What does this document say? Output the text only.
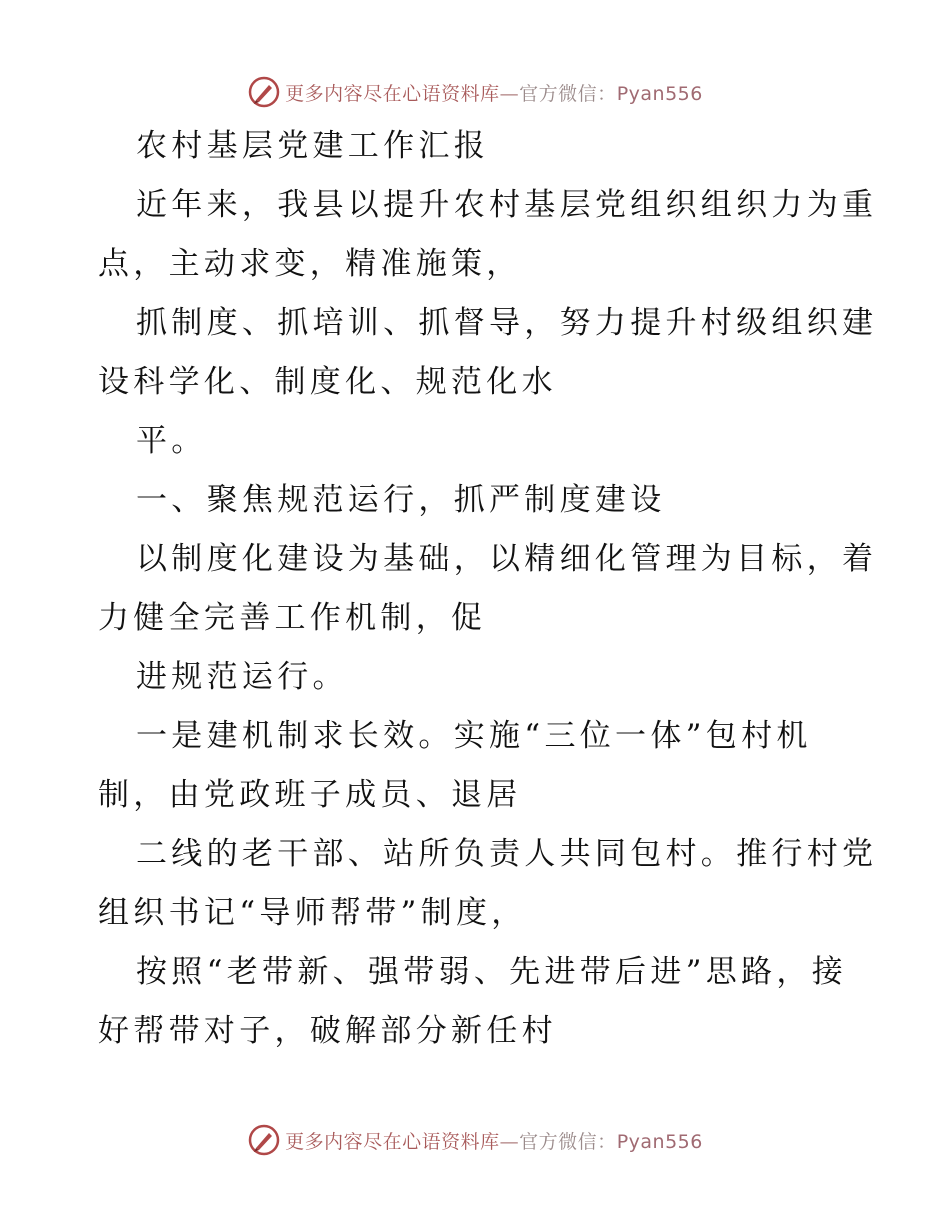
更多内容尽在心语资料库—官方微信：Pyan556
农村基层党建工作汇报
近年来，我县以提升农村基层党组织组织力为重
点，主动求变，精准施策，
抓制度、抓培训、抓督导，努力提升村级组织建
设科学化、制度化、规范化水
平。
一、聚焦规范运行，抓严制度建设
以制度化建设为基础，以精细化管理为目标，着
力健全完善工作机制，促
进规范运行。
一是建机制求长效。实施“三位一体”包村机
制，由党政班子成员、退居
二线的老干部、站所负责人共同包村。推行村党
组织书记“导师帮带”制度，
按照“老带新、强带弱、先进带后进”思路，接
好帮带对子，破解部分新任村
更多内容尽在心语资料库—官方微信：Pyan556
